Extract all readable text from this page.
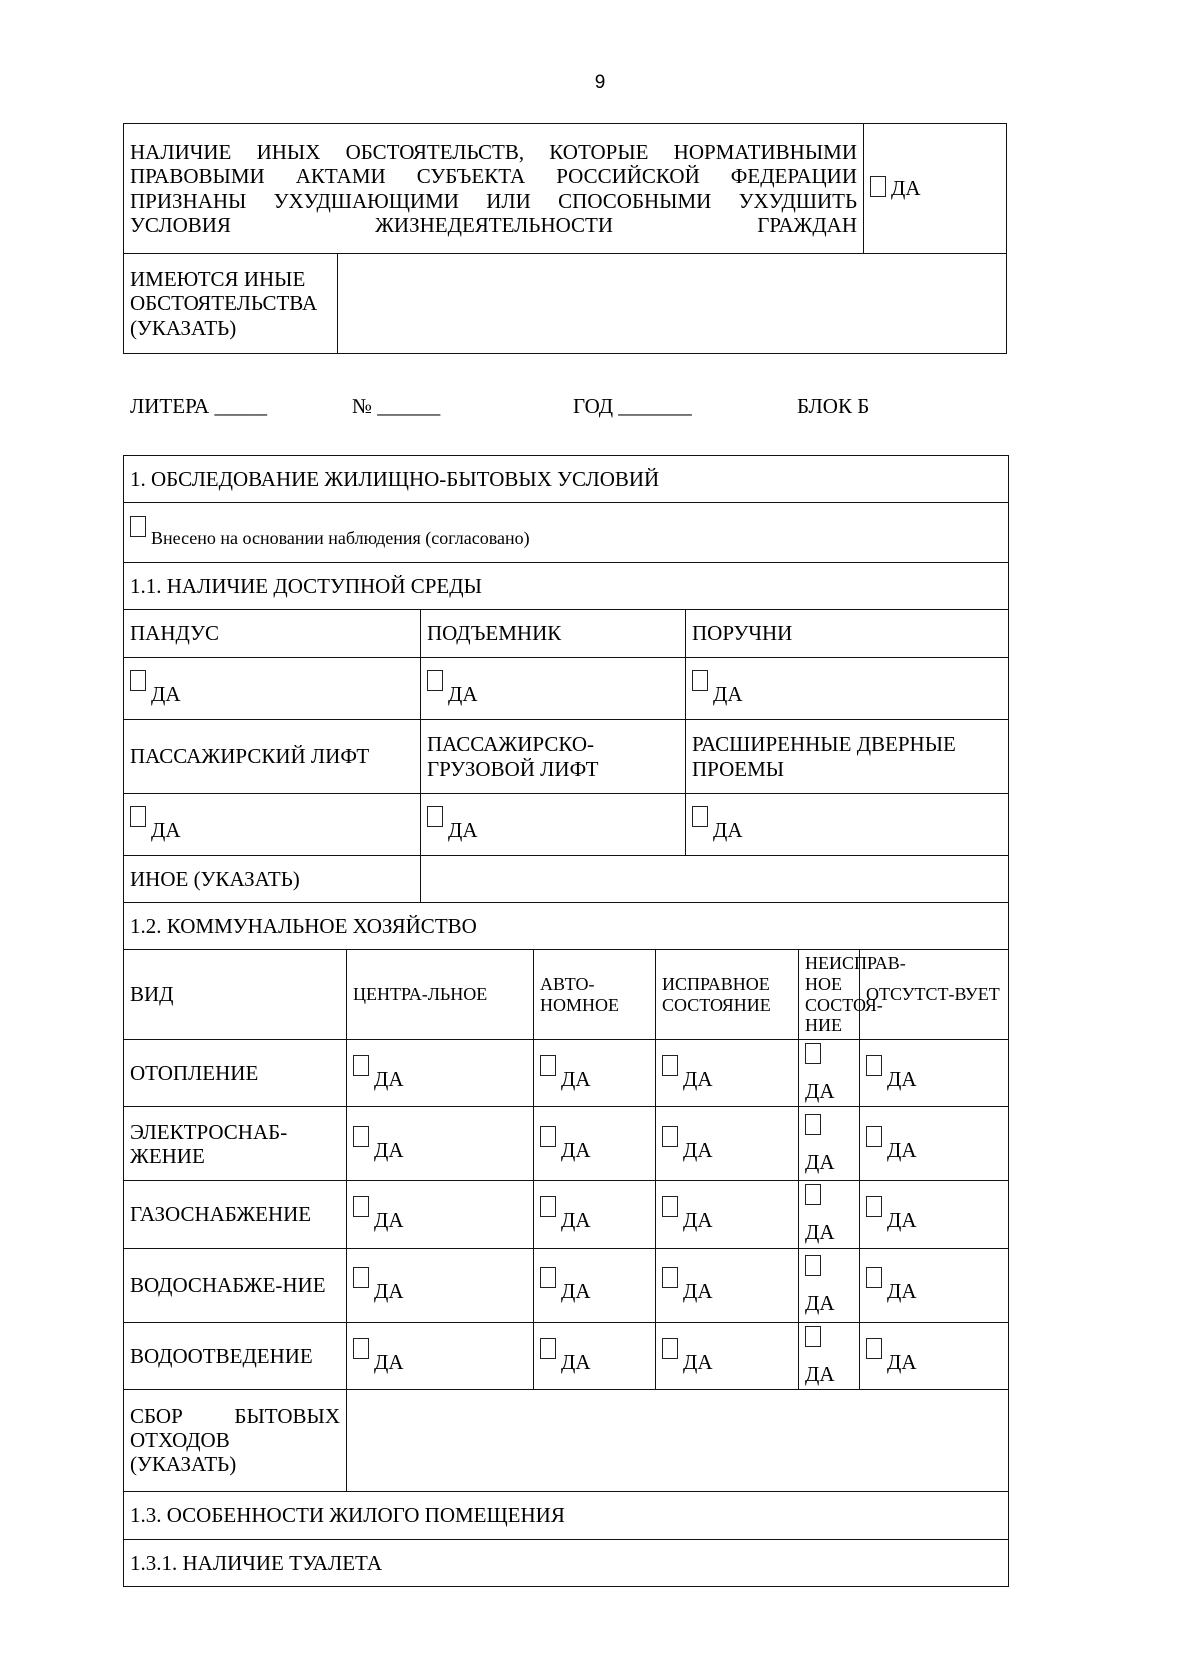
9
НАЛИЧИЕ ИНЫХ ОБСТОЯТЕЛЬСТВ, КОТОРЫЕ НОРМАТИВНЫМИ ПРАВОВЫМИ АКТАМИ СУБЪЕКТА РОССИЙСКОЙ ФЕДЕРАЦИИ ПРИЗНАНЫ УХУДШАЮЩИМИ ИЛИ СПОСОБНЫМИ УХУДШИТЬ УСЛОВИЯ ЖИЗНЕДЕЯТЕЛЬНОСТИ ГРАЖДАН	ДА
ИМЕЮТСЯ ИНЫЕ ОБСТОЯТЕЛЬСТВА (УКАЗАТЬ)	
ЛИТЕРА _____	№ ______	ГОД _______	БЛОК Б
1. ОБСЛЕДОВАНИЕ ЖИЛИЩНО-БЫТОВЫХ УСЛОВИЙ							
Внесено на основании наблюдения (согласовано)							
1.1. НАЛИЧИЕ ДОСТУПНОЙ СРЕДЫ							
ПАНДУС		ПОДЪЕМНИК			ПОРУЧНИ		
ДА		ДА			ДА		
ПАССАЖИРСКИЙ ЛИФТ		ПАССАЖИРСКО-ГРУЗОВОЙ ЛИФТ			РАСШИРЕННЫЕ ДВЕРНЫЕ ПРОЕМЫ		
ДА		ДА			ДА		
ИНОЕ (УКАЗАТЬ)							
1.2. КОММУНАЛЬНОЕ ХОЗЯЙСТВО							
ВИД	ЦЕНТРА-ЛЬНОЕ		АВТО-НОМНОЕ	ИСПРАВНОЕ СОСТОЯНИЕ		НЕИСПРАВ-НОЕ СОСТОЯ-НИЕ	ОТСУТСТ-ВУЕТ
ОТОПЛЕНИЕ	ДА		ДА	ДА		ДА	ДА
ЭЛЕКТРОСНАБ-ЖЕНИЕ	ДА		ДА	ДА		ДА	ДА
ГАЗОСНАБЖЕНИЕ	ДА		ДА	ДА		ДА	ДА
ВОДОСНАБЖЕ-НИЕ	ДА		ДА	ДА		ДА	ДА
ВОДООТВЕДЕНИЕ	ДА		ДА	ДА		ДА	ДА
СБОР БЫТОВЫХ ОТХОДОВ (УКАЗАТЬ)							
1.3. ОСОБЕННОСТИ ЖИЛОГО ПОМЕЩЕНИЯ							
1.3.1. НАЛИЧИЕ ТУАЛЕТА							
